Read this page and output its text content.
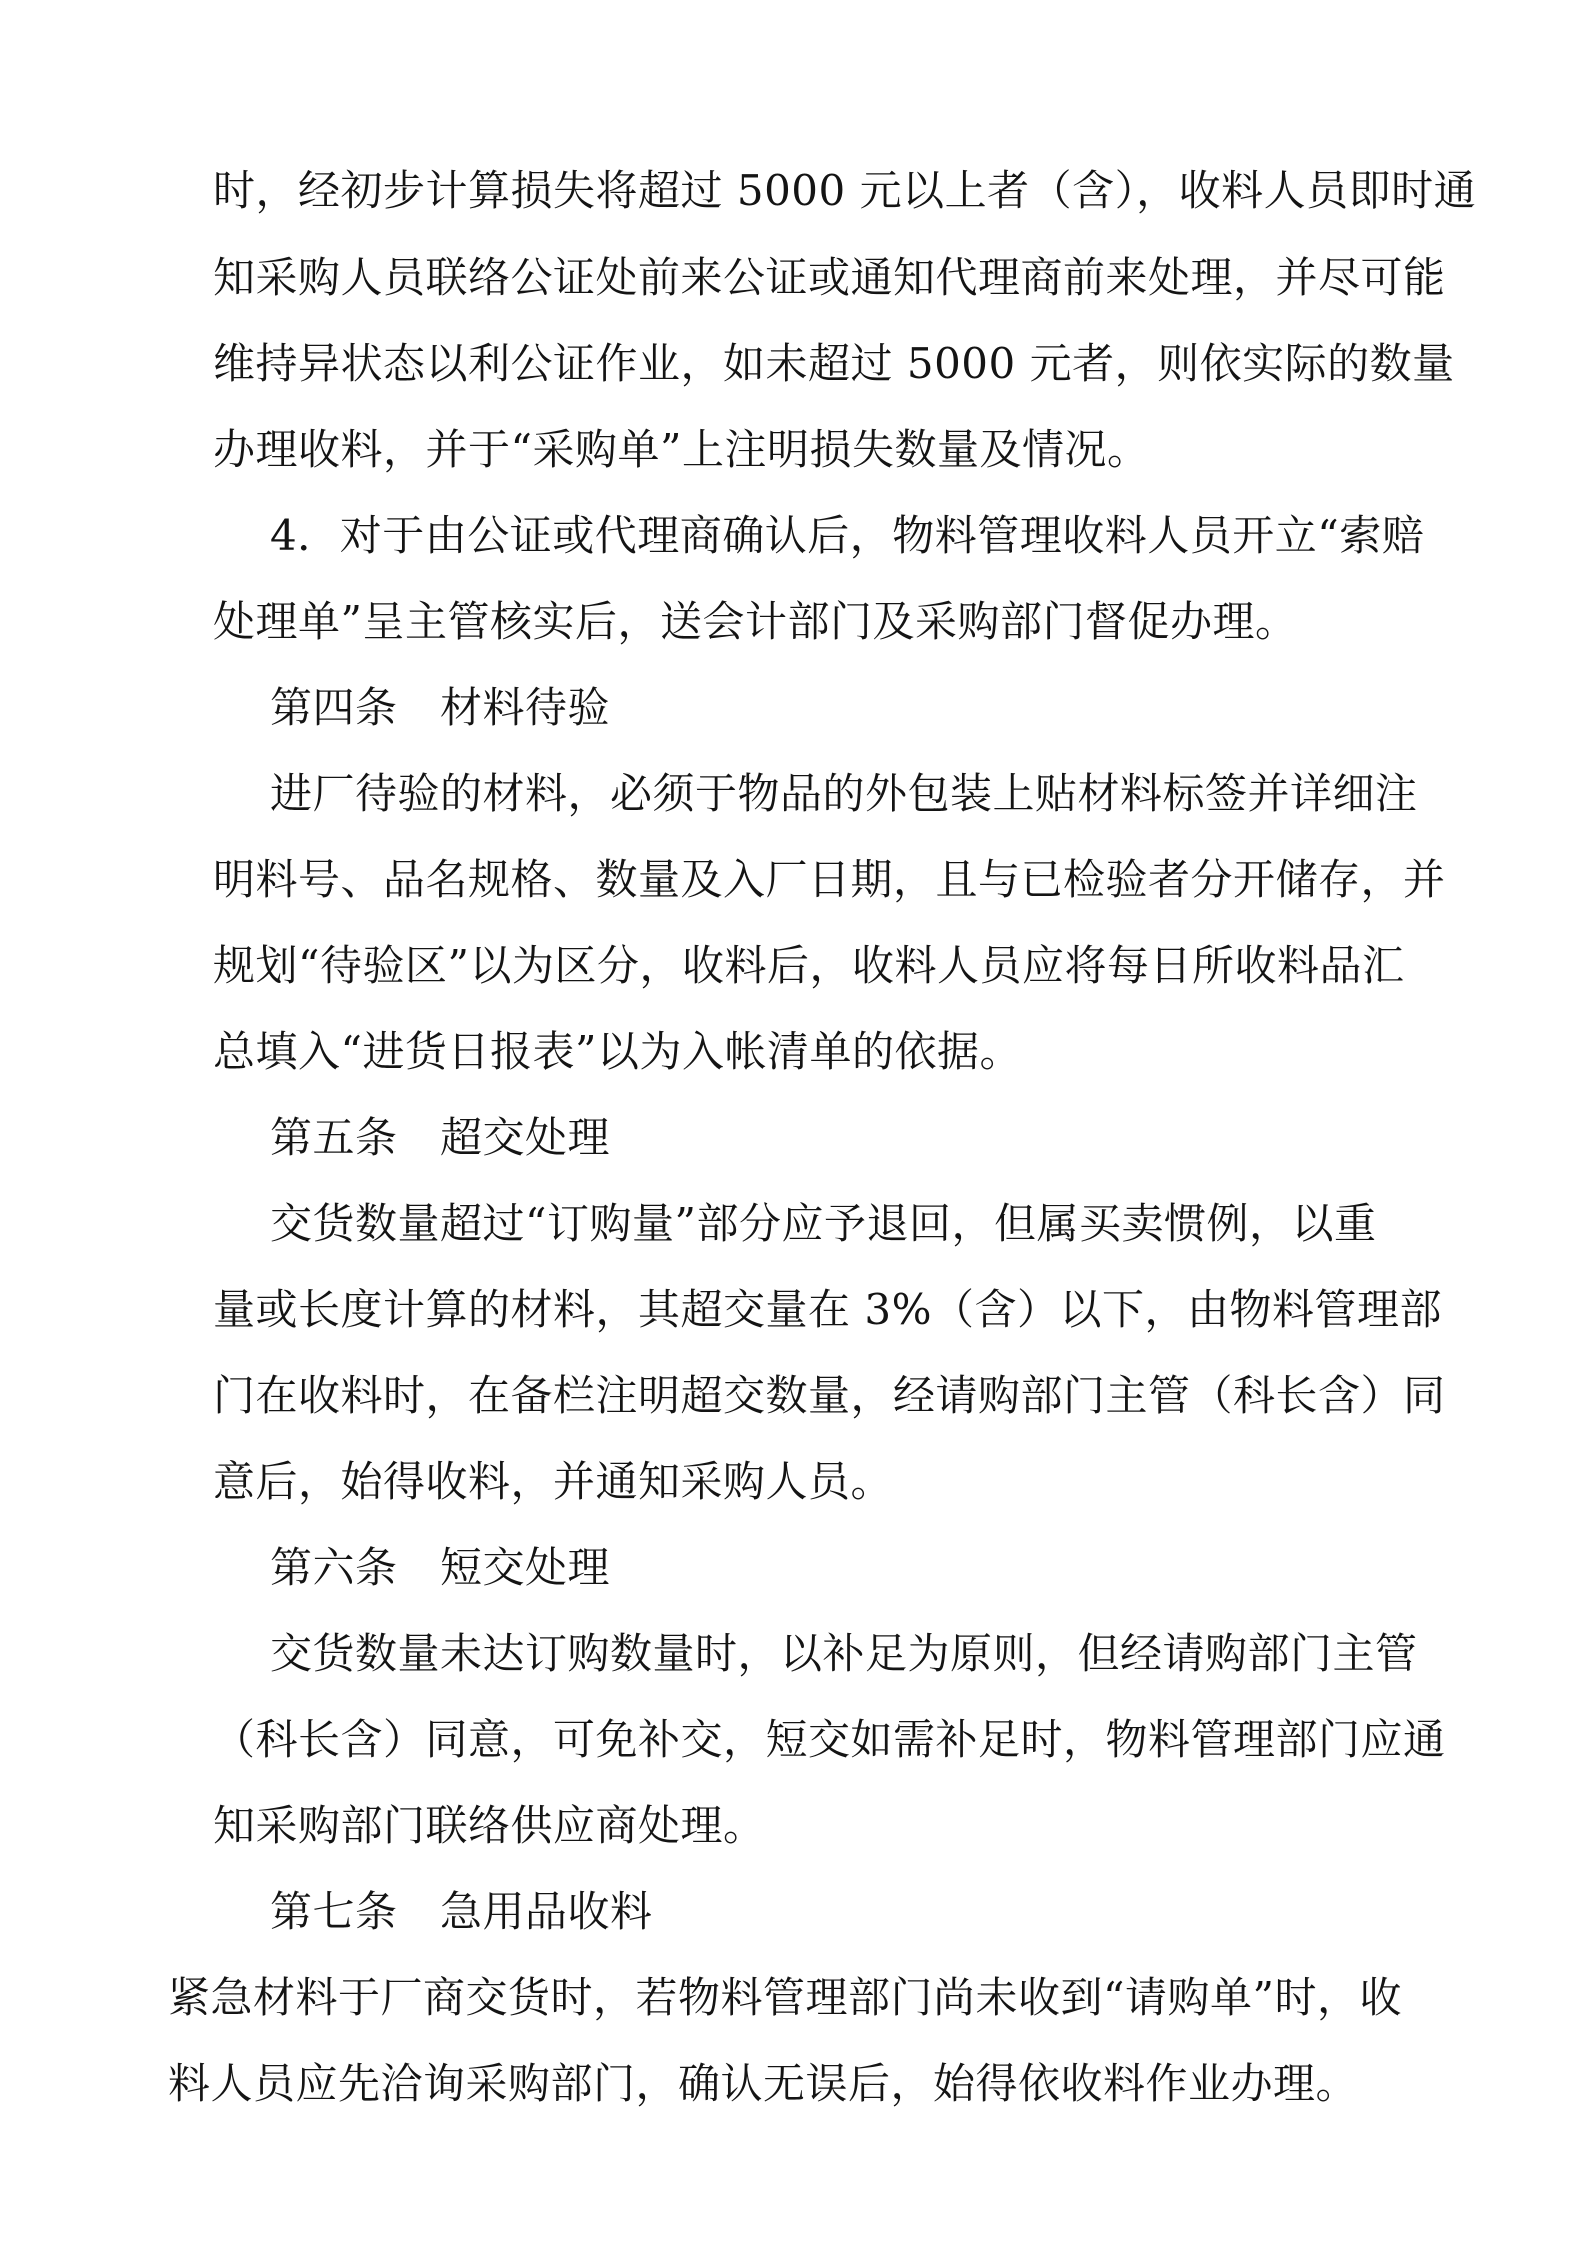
时，经初步计算损失将超过 5000 元以上者（含），收料人员即时通
知采购人员联络公证处前来公证或通知代理商前来处理，并尽可能
维持异状态以利公证作业，如未超过 5000 元者，则依实际的数量
办理收料，并于“采购单”上注明损失数量及情况。
4．对于由公证或代理商确认后，物料管理收料人员开立“索赔
处理单”呈主管核实后，送会计部门及采购部门督促办理。
第四条　材料待验
进厂待验的材料，必须于物品的外包装上贴材料标签并详细注
明料号、品名规格、数量及入厂日期，且与已检验者分开储存，并
规划“待验区”以为区分，收料后，收料人员应将每日所收料品汇
总填入“进货日报表”以为入帐清单的依据。
第五条　超交处理
交货数量超过“订购量”部分应予退回，但属买卖惯例，以重
量或长度计算的材料，其超交量在 3%（含）以下，由物料管理部
门在收料时，在备栏注明超交数量，经请购部门主管（科长含）同
意后，始得收料，并通知采购人员。
第六条　短交处理
交货数量未达订购数量时，以补足为原则，但经请购部门主管
（科长含）同意，可免补交，短交如需补足时，物料管理部门应通
知采购部门联络供应商处理。
第七条　急用品收料
紧急材料于厂商交货时，若物料管理部门尚未收到“请购单”时，收
料人员应先洽询采购部门，确认无误后，始得依收料作业办理。
